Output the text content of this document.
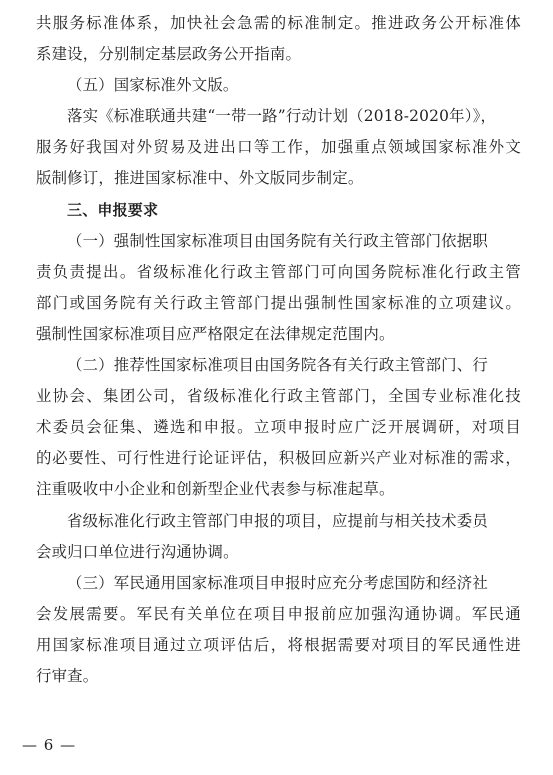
共服务标准体系，加快社会急需的标准制定。推进政务公开标准体
系建设，分别制定基层政务公开指南。
（五）国家标准外文版。
落实《标准联通共建“一带一路”行动计划（2018-2020年）》，
服务好我国对外贸易及进出口等工作，加强重点领域国家标准外文
版制修订，推进国家标准中、外文版同步制定。
三、申报要求
（一）强制性国家标准项目由国务院有关行政主管部门依据职
责负责提出。省级标准化行政主管部门可向国务院标准化行政主管
部门或国务院有关行政主管部门提出强制性国家标准的立项建议。
强制性国家标准项目应严格限定在法律规定范围内。
（二）推荐性国家标准项目由国务院各有关行政主管部门、行
业协会、集团公司，省级标准化行政主管部门，全国专业标准化技
术委员会征集、遴选和申报。立项申报时应广泛开展调研，对项目
的必要性、可行性进行论证评估，积极回应新兴产业对标准的需求，
注重吸收中小企业和创新型企业代表参与标准起草。
省级标准化行政主管部门申报的项目，应提前与相关技术委员
会或归口单位进行沟通协调。
（三）军民通用国家标准项目申报时应充分考虑国防和经济社
会发展需要。军民有关单位在项目申报前应加强沟通协调。军民通
用国家标准项目通过立项评估后，将根据需要对项目的军民通性进
行审查。
— 6 —
